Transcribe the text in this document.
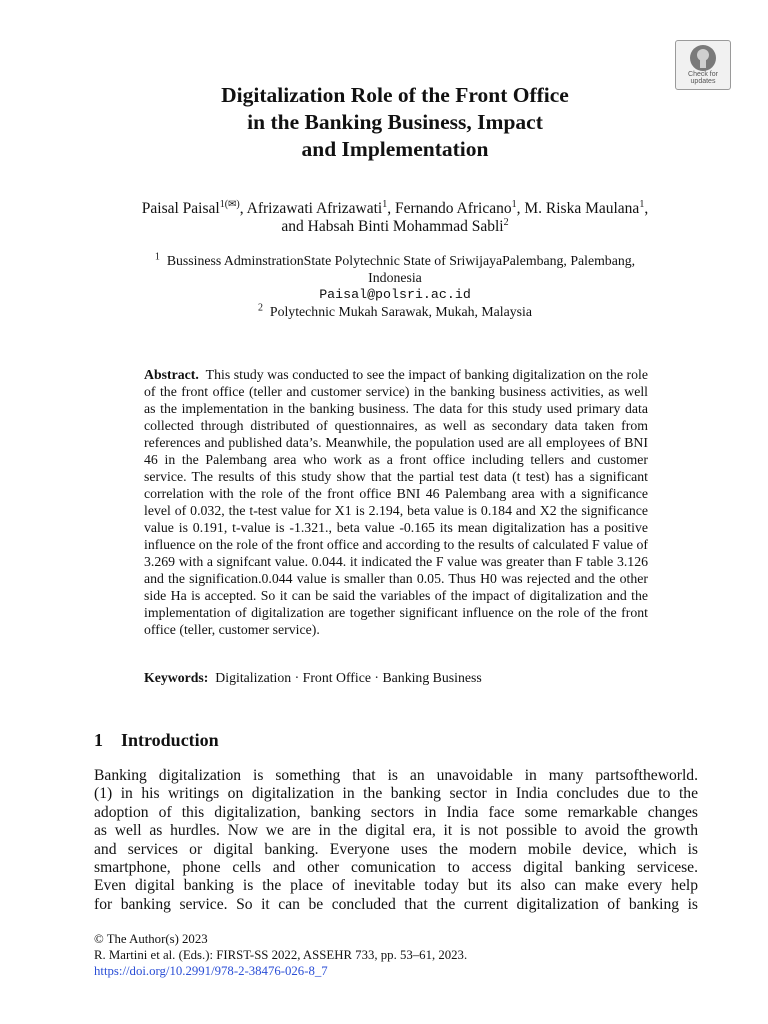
Check for
updates
Digitalization Role of the Front Office
in the Banking Business, Impact
and Implementation
Paisal Paisal$^{1(✉)}$, Afrizawati Afrizawati$^1$, Fernando Africano$^1$, M. Riska Maulana$^1$,
and Habsah Binti Mohammad Sabli$^2$
$^1$ Bussiness AdminstrationState Polytechnic State of SriwijayaPalembang, Palembang,
Indonesia
Paisal@polsri.ac.id
$^2$ Polytechnic Mukah Sarawak, Mukah, Malaysia
Abstract. This study was conducted to see the impact of banking digitalization on the role of the front office (teller and customer service) in the banking business activities, as well as the implementation in the banking business. The data for this study used primary data collected through distributed of questionnaires, as well as secondary data taken from references and published data’s. Meanwhile, the population used are all employees of BNI 46 in the Palembang area who work as a front office including tellers and customer service. The results of this study show that the partial test data (t test) has a significant correlation with the role of the front office BNI 46 Palembang area with a significance level of 0.032, the t-test value for X1 is 2.194, beta value is 0.184 and X2 the significance value is 0.191, t-value is -1.321., beta value -0.165 its mean digitalization has a positive influence on the role of the front office and according to the results of calculated F value of 3.269 with a signifcant value. 0.044. it indicated the F value was greater than F table 3.126 and the signification.0.044 value is smaller than 0.05. Thus H0 was rejected and the other side Ha is accepted. So it can be said the variables of the impact of digitalization and the implementation of digitalization are together significant influence on the role of the front office (teller, customer service).
Keywords: Digitalization · Front Office · Banking Business
1 Introduction
Banking digitalization is something that is an unavoidable in many partsoftheworld.
(1) in his writings on digitalization in the banking sector in India concludes due to the
adoption of this digitalization, banking sectors in India face some remarkable changes
as well as hurdles. Now we are in the digital era, it is not possible to avoid the growth
and services or digital banking. Everyone uses the modern mobile device, which is
smartphone, phone cells and other comunication to access digital banking servicese.
Even digital banking is the place of inevitable today but its also can make every help
for banking service. So it can be concluded that the current digitalization of banking is
© The Author(s) 2023
R. Martini et al. (Eds.): FIRST-SS 2022, ASSEHR 733, pp. 53–61, 2023.
https://doi.org/10.2991/978-2-38476-026-8_7
